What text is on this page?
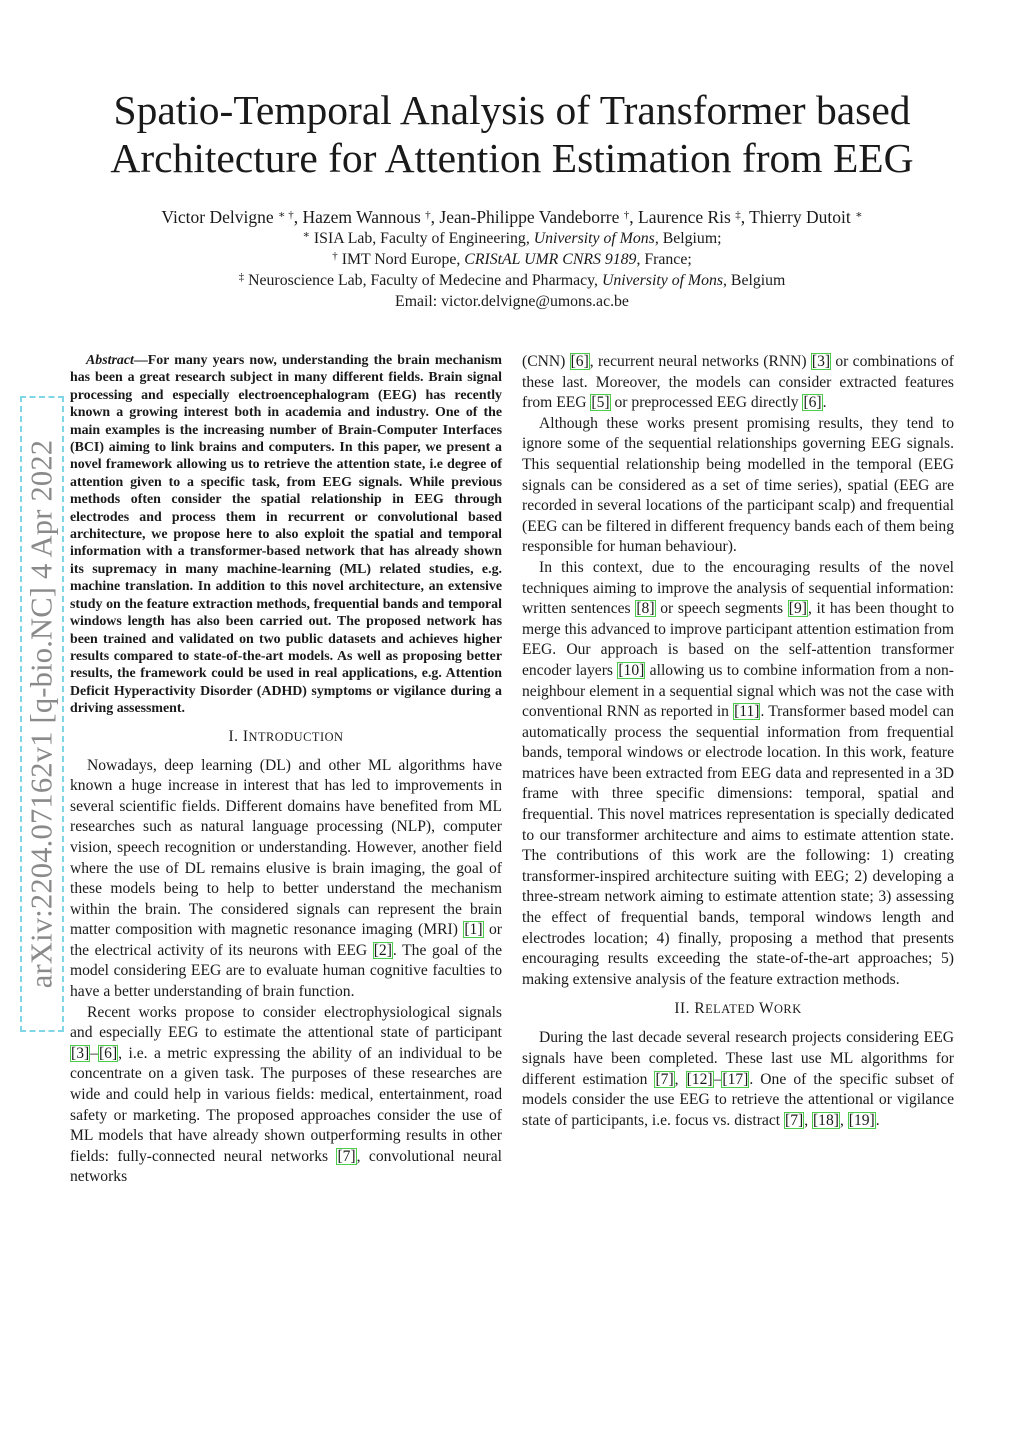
arXiv:2204.07162v1 [q-bio.NC] 4 Apr 2022
Spatio-Temporal Analysis of Transformer based
Architecture for Attention Estimation from EEG
Victor Delvigne ∗ †, Hazem Wannous †, Jean-Philippe Vandeborre †, Laurence Ris ‡, Thierry Dutoit ∗
∗ ISIA Lab, Faculty of Engineering, University of Mons, Belgium;
† IMT Nord Europe, CRIStAL UMR CNRS 9189, France;
‡ Neuroscience Lab, Faculty of Medecine and Pharmacy, University of Mons, Belgium
Email: victor.delvigne@umons.ac.be

Abstract—For many years now, understanding the brain mechanism has been a great research subject in many different fields. Brain signal processing and especially electroencephalogram (EEG) has recently known a growing interest both in academia and industry. One of the main examples is the increasing number of Brain-Computer Interfaces (BCI) aiming to link brains and computers. In this paper, we present a novel framework allowing us to retrieve the attention state, i.e degree of attention given to a specific task, from EEG signals. While previous methods often consider the spatial relationship in EEG through electrodes and process them in recurrent or convolutional based architecture, we propose here to also exploit the spatial and temporal information with a transformer-based network that has already shown its supremacy in many machine-learning (ML) related studies, e.g. machine translation. In addition to this novel architecture, an extensive study on the feature extraction methods, frequential bands and temporal windows length has also been carried out. The proposed network has been trained and validated on two public datasets and achieves higher results compared to state-of-the-art models. As well as proposing better results, the framework could be used in real applications, e.g. Attention Deficit Hyperactivity Disorder (ADHD) symptoms or vigilance during a driving assessment.

I. INTRODUCTION

Nowadays, deep learning (DL) and other ML algorithms have known a huge increase in interest that has led to improvements in several scientific fields. Different domains have benefited from ML researches such as natural language processing (NLP), computer vision, speech recognition or understanding. However, another field where the use of DL remains elusive is brain imaging, the goal of these models being to help to better understand the mechanism within the brain. The considered signals can represent the brain matter composition with magnetic resonance imaging (MRI) [1] or the electrical activity of its neurons with EEG [2]. The goal of the model considering EEG are to evaluate human cognitive faculties to have a better understanding of brain function.

Recent works propose to consider electrophysiological signals and especially EEG to estimate the attentional state of participant [3]–[6], i.e. a metric expressing the ability of an individual to be concentrate on a given task. The purposes of these researches are wide and could help in various fields: medical, entertainment, road safety or marketing. The proposed approaches consider the use of ML models that have already shown outperforming results in other fields: fully-connected neural networks [7], convolutional neural networks

(CNN) [6], recurrent neural networks (RNN) [3] or combinations of these last. Moreover, the models can consider extracted features from EEG [5] or preprocessed EEG directly [6].

Although these works present promising results, they tend to ignore some of the sequential relationships governing EEG signals. This sequential relationship being modelled in the temporal (EEG signals can be considered as a set of time series), spatial (EEG are recorded in several locations of the participant scalp) and frequential (EEG can be filtered in different frequency bands each of them being responsible for human behaviour).

In this context, due to the encouraging results of the novel techniques aiming to improve the analysis of sequential information: written sentences [8] or speech segments [9], it has been thought to merge this advanced to improve participant attention estimation from EEG. Our approach is based on the self-attention transformer encoder layers [10] allowing us to combine information from a non-neighbour element in a sequential signal which was not the case with conventional RNN as reported in [11]. Transformer based model can automatically process the sequential information from frequential bands, temporal windows or electrode location. In this work, feature matrices have been extracted from EEG data and represented in a 3D frame with three specific dimensions: temporal, spatial and frequential. This novel matrices representation is specially dedicated to our transformer architecture and aims to estimate attention state. The contributions of this work are the following: 1) creating transformer-inspired architecture suiting with EEG; 2) developing a three-stream network aiming to estimate attention state; 3) assessing the effect of frequential bands, temporal windows length and electrodes location; 4) finally, proposing a method that presents encouraging results exceeding the state-of-the-art approaches; 5) making extensive analysis of the feature extraction methods.

II. RELATED WORK

During the last decade several research projects considering EEG signals have been completed. These last use ML algorithms for different estimation [7], [12]–[17]. One of the specific subset of models consider the use EEG to retrieve the attentional or vigilance state of participants, i.e. focus vs. distract [7], [18], [19].
